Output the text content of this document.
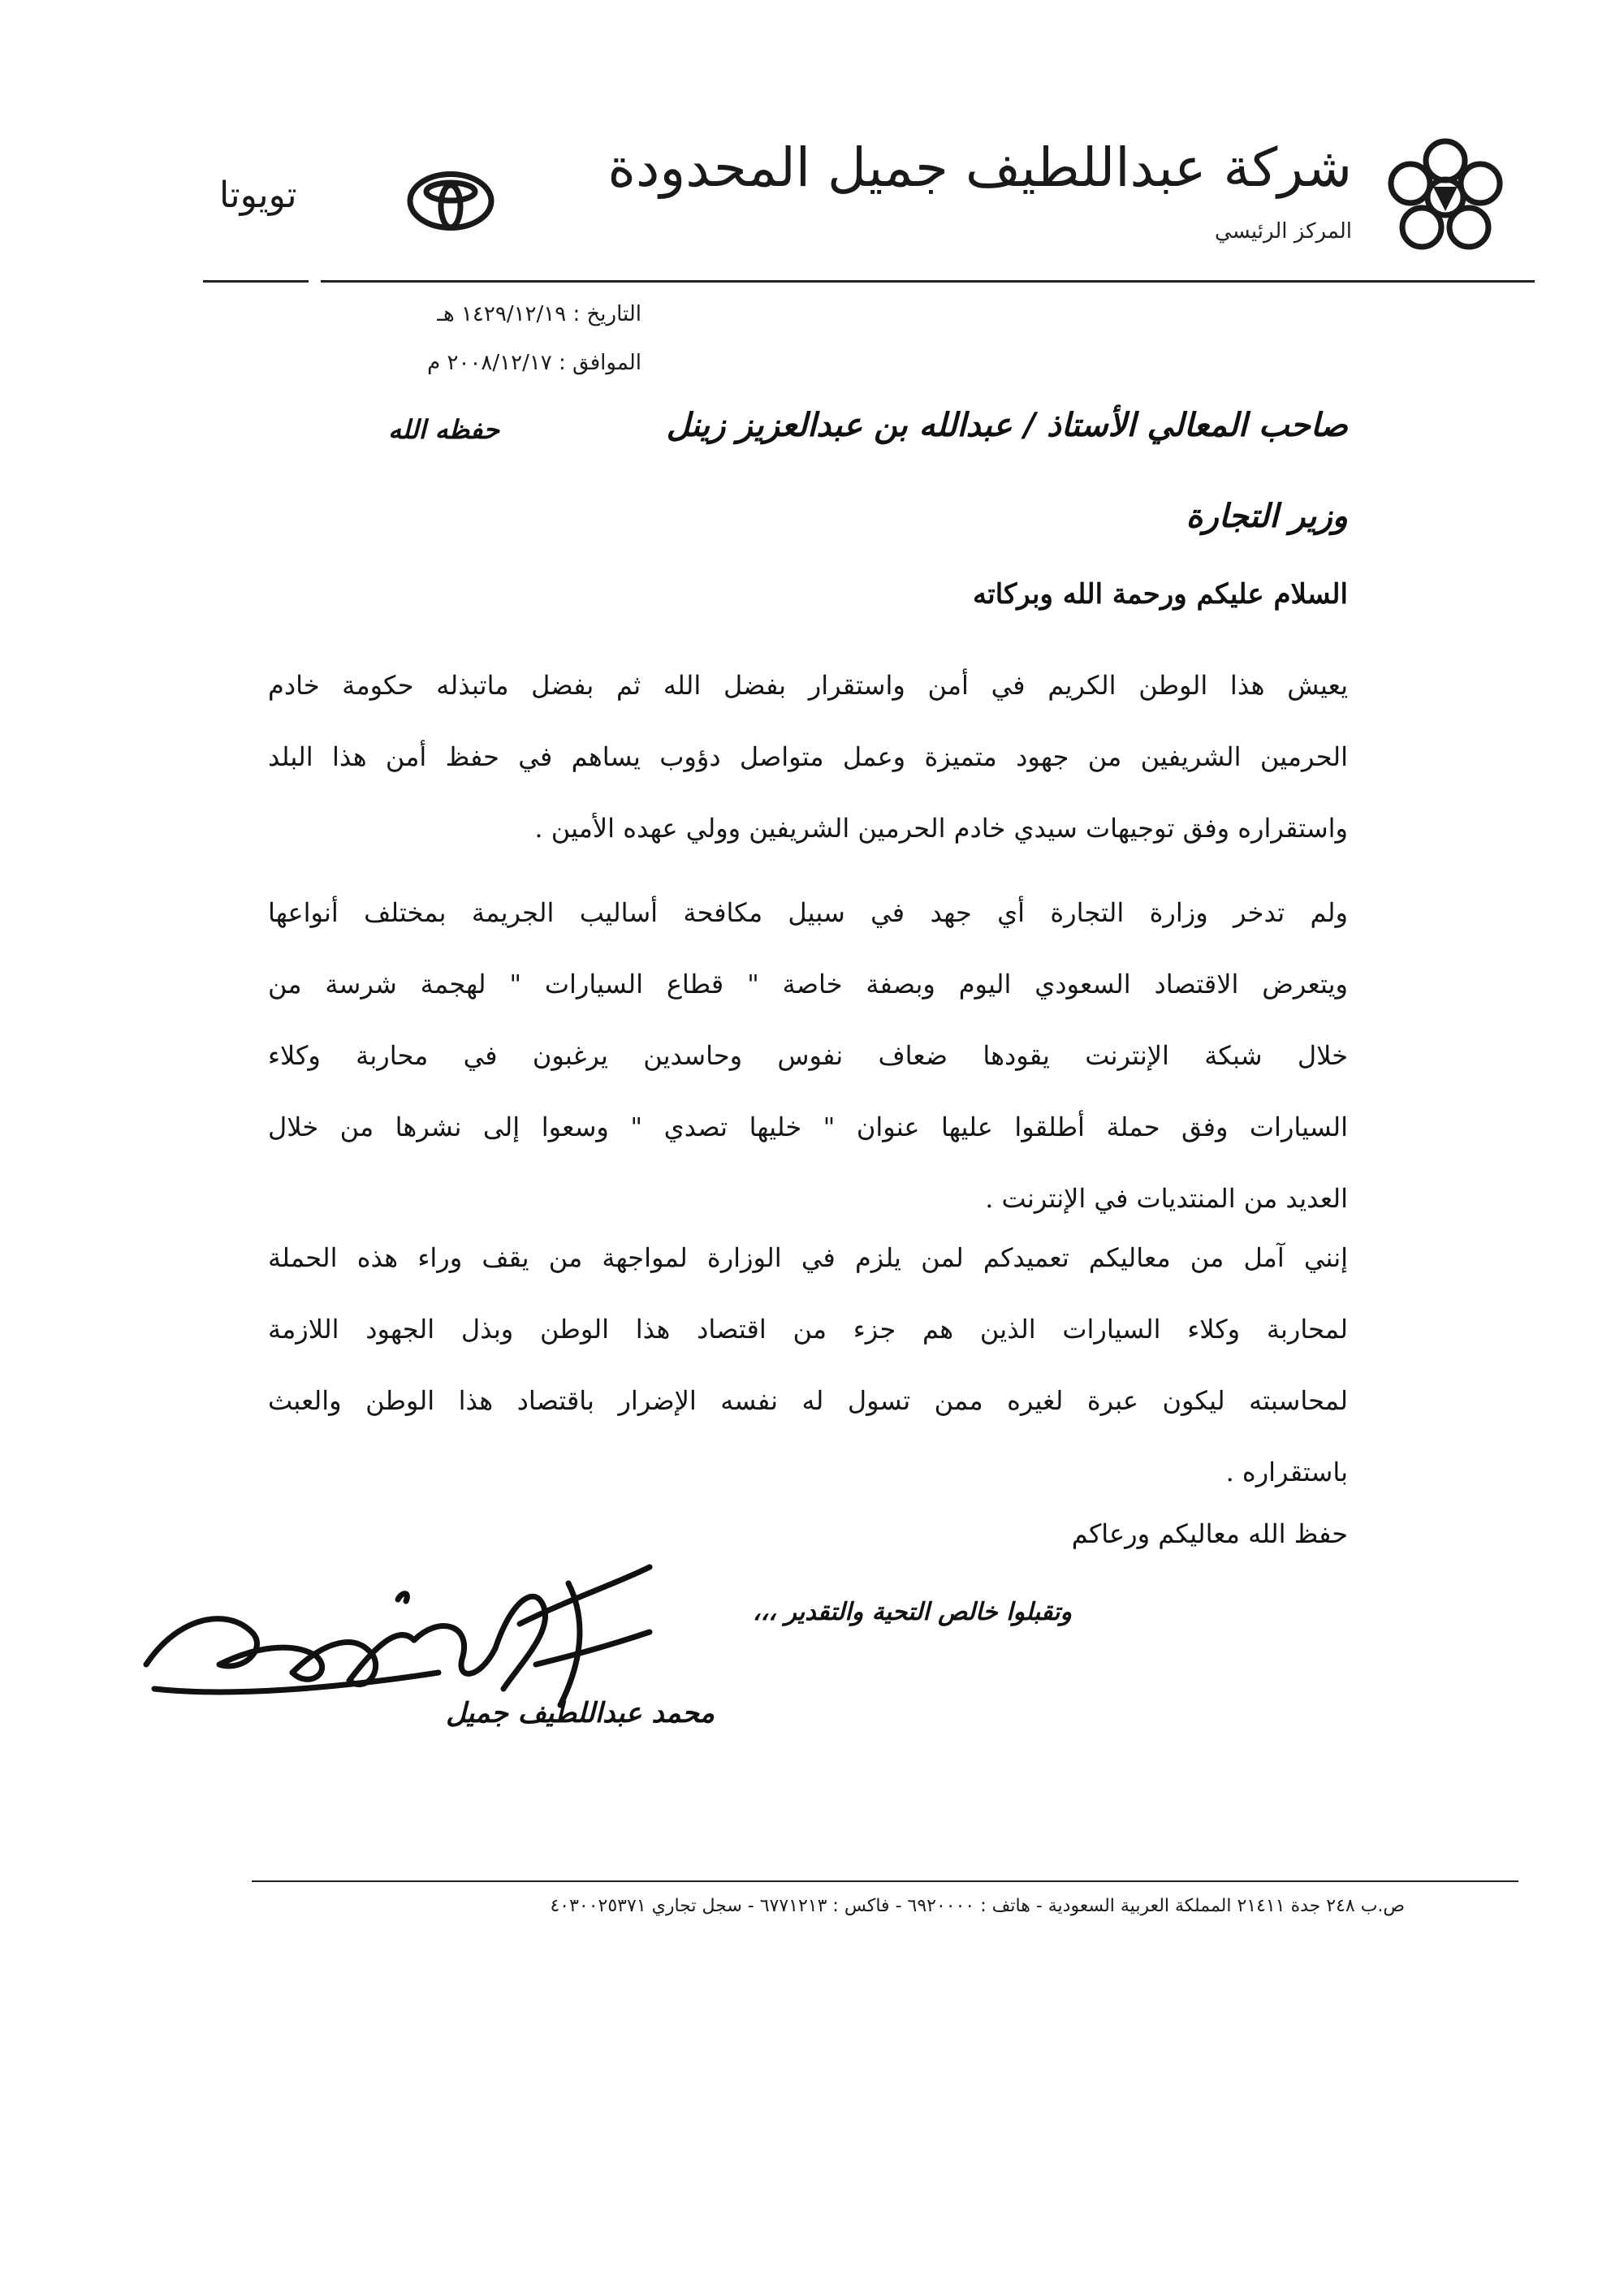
شركة عبداللطيف جميل المحدودة
المركز الرئيسي
تويوتا
التاريخ : ١٤٢٩/١٢/١٩ هـ
الموافق : ٢٠٠٨/١٢/١٧ م
صاحب المعالي الأستاذ / عبدالله بن عبدالعزيز زينل
حفظه الله
وزير التجارة
السلام عليكم ورحمة الله وبركاته
يعيش هذا الوطن الكريم في أمن واستقرار بفضل الله ثم بفضل ماتبذله حكومة خادم
الحرمين الشريفين من جهود متميزة وعمل متواصل دؤوب يساهم في حفظ أمن هذا البلد
واستقراره وفق توجيهات سيدي خادم الحرمين الشريفين وولي عهده الأمين .
ولم تدخر وزارة التجارة أي جهد في سبيل مكافحة أساليب الجريمة بمختلف أنواعها
ويتعرض الاقتصاد السعودي اليوم وبصفة خاصة " قطاع السيارات " لهجمة شرسة من
خلال شبكة الإنترنت يقودها ضعاف نفوس وحاسدين يرغبون في محاربة وكلاء
السيارات وفق حملة أطلقوا عليها عنوان " خليها تصدي " وسعوا إلى نشرها من خلال
العديد من المنتديات في الإنترنت .
إنني آمل من معاليكم تعميدكم لمن يلزم في الوزارة لمواجهة من يقف وراء هذه الحملة
لمحاربة وكلاء السيارات الذين هم جزء من اقتصاد هذا الوطن وبذل الجهود اللازمة
لمحاسبته ليكون عبرة لغيره ممن تسول له نفسه الإضرار باقتصاد هذا الوطن والعبث
باستقراره .
حفظ الله معاليكم ورعاكم
وتقبلوا خالص التحية والتقدير ،،،
محمد عبداللطيف جميل
ص.ب ٢٤٨ جدة ٢١٤١١ المملكة العربية السعودية - هاتف : ٦٩٢٠٠٠٠ - فاكس : ٦٧٧١٢١٣ - سجل تجاري ٤٠٣٠٠٢٥٣٧١
